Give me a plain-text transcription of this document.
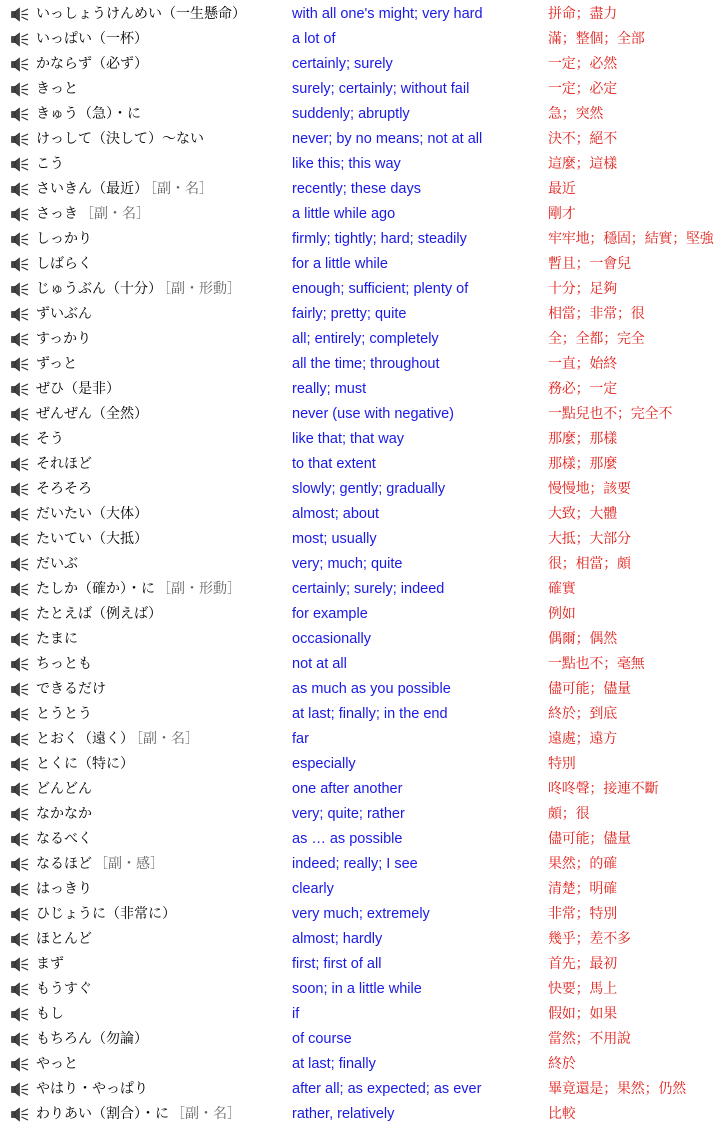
いっしょうけんめい（一生懸命）	with all one's might; very hard	拼命；盡力
いっぱい（一杯）	a lot of	滿；整個；全部
かならず（必ず）	certainly; surely	一定；必然
きっと	surely; certainly; without fail	一定；必定
きゅう（急）・に	suddenly; abruptly	急；突然
けっして（決して）～ない	never; by no means; not at all	決不；絕不
こう	like this; this way	這麼；這樣
さいきん（最近） ［副・名］	recently; these days	最近
さっき ［副・名］	a little while ago	剛才
しっかり	firmly; tightly; hard; steadily	牢牢地；穩固；結實；堅強
しばらく	for a little while	暫且；一會兒
じゅうぶん（十分） ［副・形動］	enough; sufficient; plenty of	十分；足夠
ずいぶん	fairly; pretty; quite	相當；非常；很
すっかり	all; entirely; completely	全；全都；完全
ずっと	all the time; throughout	一直；始終
ぜひ（是非）	really; must	務必；一定
ぜんぜん（全然）	never (use with negative)	一點兒也不；完全不
そう	like that; that way	那麼；那樣
それほど	to that extent	那樣；那麼
そろそろ	slowly; gently; gradually	慢慢地；該要
だいたい（大体）	almost; about	大致；大體
たいてい（大抵）	most; usually	大抵；大部分
だいぶ	very; much; quite	很；相當；頗
たしか（確か）・に ［副・形動］	certainly; surely; indeed	確實
たとえば（例えば）	for example	例如
たまに	occasionally	偶爾；偶然
ちっとも	not at all	一點也不；毫無
できるだけ	as much as you possible	儘可能；儘量
とうとう	at last; finally; in the end	終於；到底
とおく（遠く） ［副・名］	far	遠處；遠方
とくに（特に）	especially	特別
どんどん	one after another	咚咚聲；接連不斷
なかなか	very; quite; rather	頗；很
なるべく	as … as possible	儘可能；儘量
なるほど ［副・感］	indeed; really; I see	果然；的確
はっきり	clearly	清楚；明確
ひじょうに（非常に）	very much; extremely	非常；特別
ほとんど	almost; hardly	幾乎；差不多
まず	first; first of all	首先；最初
もうすぐ	soon; in a little while	快要；馬上
もし	if	假如；如果
もちろん（勿論）	of course	當然；不用說
やっと	at last; finally	終於
やはり・やっぱり	after all; as expected; as ever	畢竟還是；果然；仍然
わりあい（割合）・に ［副・名］	rather, relatively	比較
